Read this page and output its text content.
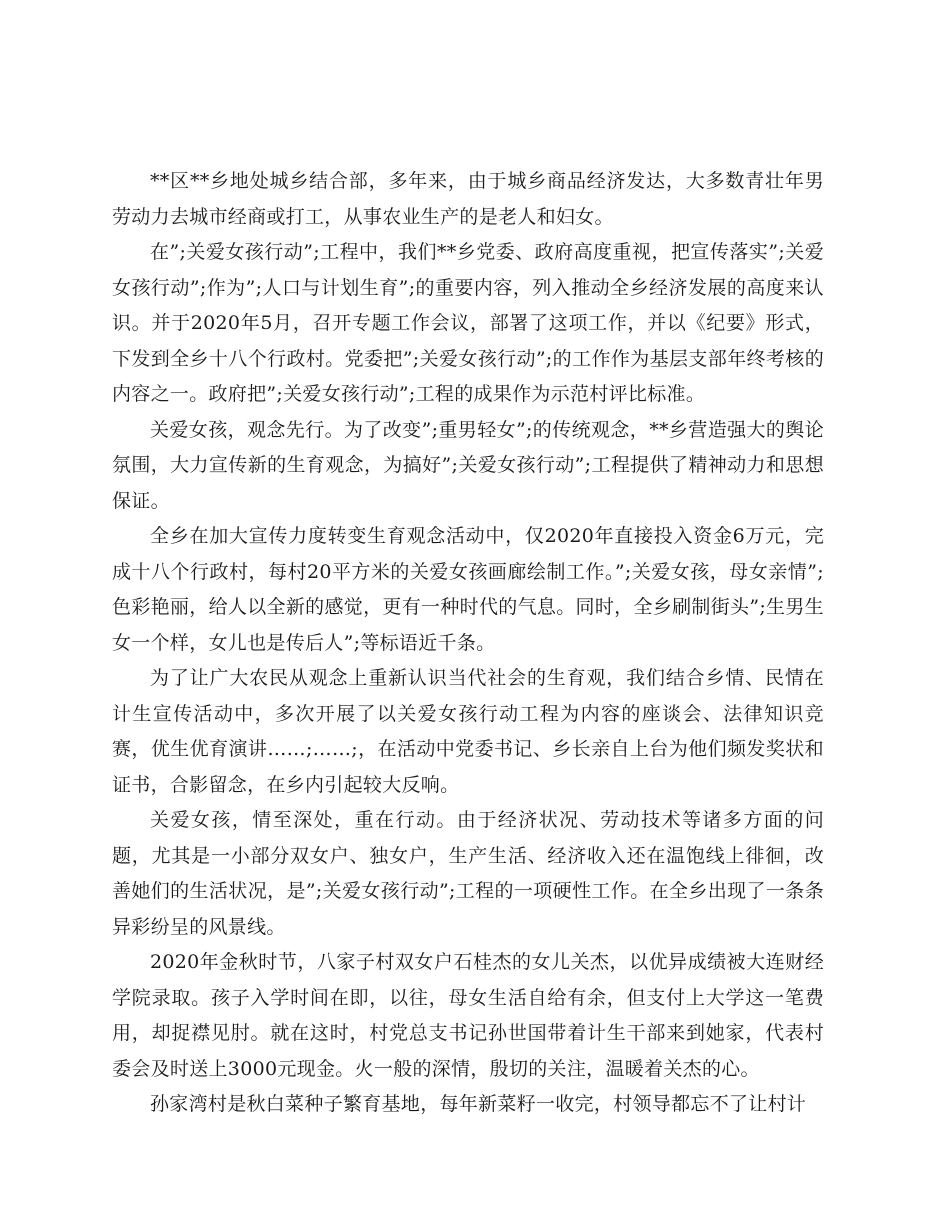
**区**乡地处城乡结合部，多年来，由于城乡商品经济发达，大多数青壮年男劳动力去城市经商或打工，从事农业生产的是老人和妇女。

在”;关爱女孩行动”;工程中，我们**乡党委、政府高度重视，把宣传落实”;关爱女孩行动”;作为”;人口与计划生育”;的重要内容，列入推动全乡经济发展的高度来认识。并于2020年5月，召开专题工作会议，部署了这项工作，并以《纪要》形式，下发到全乡十八个行政村。党委把”;关爱女孩行动”;的工作作为基层支部年终考核的内容之一。政府把”;关爱女孩行动”;工程的成果作为示范村评比标准。

关爱女孩，观念先行。为了改变”;重男轻女”;的传统观念，**乡营造强大的舆论氛围，大力宣传新的生育观念，为搞好”;关爱女孩行动”;工程提供了精神动力和思想保证。

全乡在加大宣传力度转变生育观念活动中，仅2020年直接投入资金6万元，完成十八个行政村，每村20平方米的关爱女孩画廊绘制工作。”;关爱女孩，母女亲情”;色彩艳丽，给人以全新的感觉，更有一种时代的气息。同时，全乡刷制街头”;生男生女一个样，女儿也是传后人”;等标语近千条。

为了让广大农民从观念上重新认识当代社会的生育观，我们结合乡情、民情在计生宣传活动中，多次开展了以关爱女孩行动工程为内容的座谈会、法律知识竞赛，优生优育演讲……;……;，在活动中党委书记、乡长亲自上台为他们频发奖状和证书，合影留念，在乡内引起较大反响。

关爱女孩，情至深处，重在行动。由于经济状况、劳动技术等诸多方面的问题，尤其是一小部分双女户、独女户，生产生活、经济收入还在温饱线上徘徊，改善她们的生活状况，是”;关爱女孩行动”;工程的一项硬性工作。在全乡出现了一条条异彩纷呈的风景线。

2020年金秋时节，八家子村双女户石桂杰的女儿关杰，以优异成绩被大连财经学院录取。孩子入学时间在即，以往，母女生活自给有余，但支付上大学这一笔费用，却捉襟见肘。就在这时，村党总支书记孙世国带着计生干部来到她家，代表村委会及时送上3000元现金。火一般的深情，殷切的关注，温暖着关杰的心。

孙家湾村是秋白菜种子繁育基地，每年新菜籽一收完，村领导都忘不了让村计
